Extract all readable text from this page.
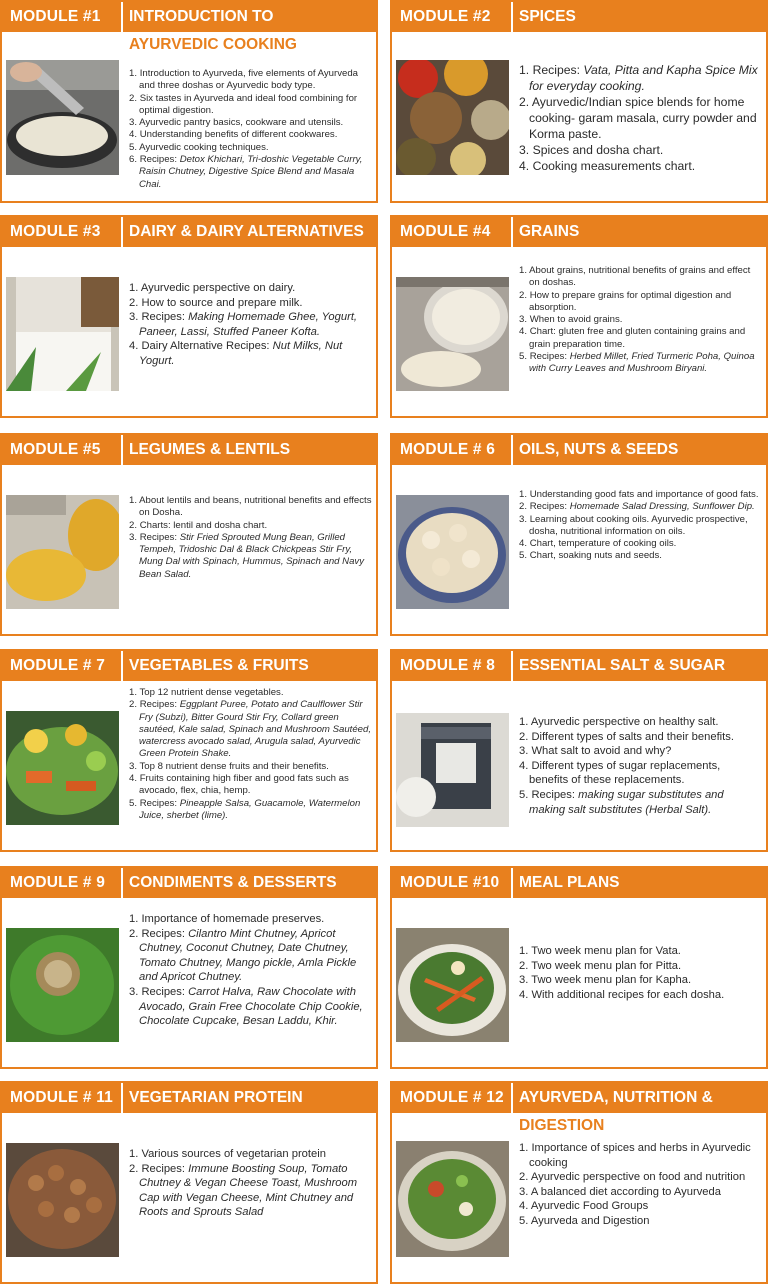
MODULE #1 INTRODUCTION TO
AYURVEDIC COOKING
1. Introduction to Ayurveda, five elements of Ayurveda and three doshas or Ayurvedic body type.
2. Six tastes in Ayurveda and ideal food combining for optimal digestion.
3. Ayurvedic pantry basics, cookware and utensils.
4. Understanding benefits of different cookwares.
5. Ayurvedic cooking techniques.
6. Recipes: Detox Khichari, Tri-doshic Vegetable Curry, Raisin Chutney, Digestive Spice Blend and Masala Chai.
MODULE #2 SPICES
1. Recipes: Vata, Pitta and Kapha Spice Mix for everyday cooking.
2. Ayurvedic/Indian spice blends for home cooking- garam masala, curry powder and Korma paste.
3. Spices and dosha chart.
4. Cooking measurements chart.
MODULE #3 DAIRY & DAIRY ALTERNATIVES
1. Ayurvedic perspective on dairy.
2. How to source and prepare milk.
3. Recipes: Making Homemade Ghee, Yogurt, Paneer, Lassi, Stuffed Paneer Kofta.
4. Dairy Alternative Recipes: Nut Milks, Nut Yogurt.
MODULE #4 GRAINS
1. About grains, nutritional benefits of grains and effect on doshas.
2. How to prepare grains for optimal digestion and absorption.
3. When to avoid grains.
4. Chart: gluten free and gluten containing grains and grain preparation time.
5. Recipes: Herbed Millet, Fried Turmeric Poha, Quinoa with Curry Leaves and Mushroom Biryani.
MODULE #5 LEGUMES & LENTILS
1. About lentils and beans, nutritional benefits and effects on Dosha.
2. Charts: lentil and dosha chart.
3. Recipes: Stir Fried Sprouted Mung Bean, Grilled Tempeh, Tridoshic Dal & Black Chickpeas Stir Fry, Mung Dal with Spinach, Hummus, Spinach and Navy Bean Salad.
MODULE # 6 OILS, NUTS & SEEDS
1. Understanding good fats and importance of good fats.
2. Recipes: Homemade Salad Dressing, Sunflower Dip.
3. Learning about cooking oils. Ayurvedic prospective, dosha, nutritional information on oils.
4. Chart, temperature of cooking oils.
5. Chart, soaking nuts and seeds.
MODULE # 7 VEGETABLES & FRUITS
1. Top 12 nutrient dense vegetables.
2. Recipes: Eggplant Puree, Potato and Caulflower Stir Fry (Subzi), Bitter Gourd Stir Fry, Collard green sautéed, Kale salad, Spinach and Mushroom Sautéed, watercress avocado salad, Arugula salad, Ayurvedic Green Protein Shake.
3. Top 8 nutrient dense fruits and their benefits.
4. Fruits containing high fiber and good fats such as avocado, flex, chia, hemp.
5. Recipes: Pineapple Salsa, Guacamole, Watermelon Juice, sherbet (lime).
MODULE # 8 ESSENTIAL SALT & SUGAR
1. Ayurvedic perspective on healthy salt.
2. Different types of salts and their benefits.
3. What salt to avoid and why?
4. Different types of sugar replacements, benefits of these replacements.
5. Recipes: making sugar substitutes and making salt substitutes (Herbal Salt).
MODULE # 9 CONDIMENTS & DESSERTS
1. Importance of homemade preserves.
2. Recipes: Cilantro Mint Chutney, Apricot Chutney, Coconut Chutney, Date Chutney, Tomato Chutney, Mango pickle, Amla Pickle and Apricot Chutney.
3. Recipes: Carrot Halva, Raw Chocolate with Avocado, Grain Free Chocolate Chip Cookie, Chocolate Cupcake, Besan Laddu, Khir.
MODULE #10 MEAL PLANS
1. Two week menu plan for Vata.
2. Two week menu plan for Pitta.
3. Two week menu plan for Kapha.
4. With additional recipes for each dosha.
MODULE # 11 VEGETARIAN PROTEIN
1. Various sources of vegetarian protein
2. Recipes: Immune Boosting Soup, Tomato Chutney & Vegan Cheese Toast, Mushroom Cap with Vegan Cheese, Mint Chutney and Roots and Sprouts Salad
MODULE # 12 AYURVEDA, NUTRITION &
DIGESTION
1. Importance of spices and herbs in Ayurvedic cooking
2. Ayurvedic perspective on food and nutrition
3. A balanced diet according to Ayurveda
4. Ayurvedic Food Groups
5. Ayurveda and Digestion
